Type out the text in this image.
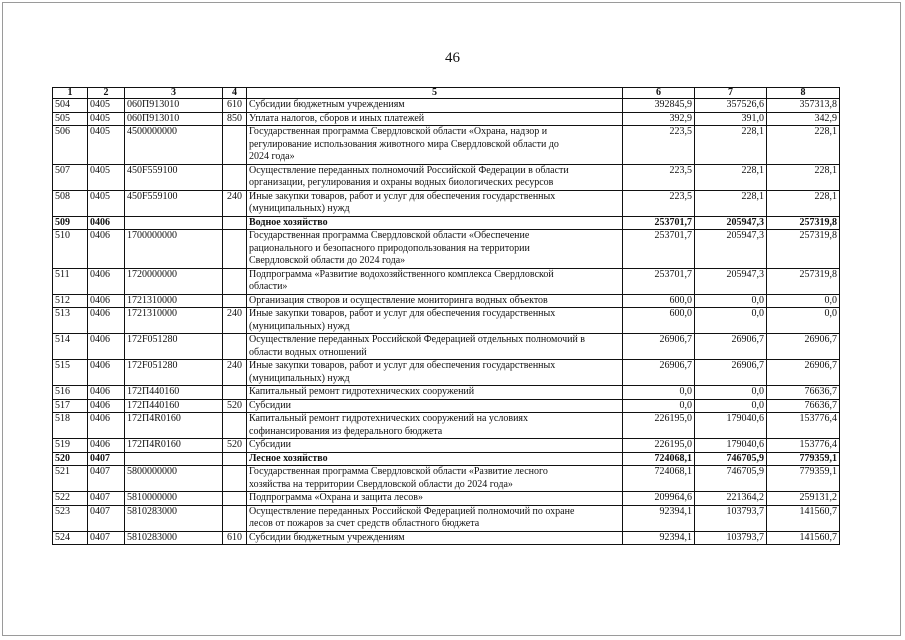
46
1	2	3	4	5	6	7	8
504	0405	060П913010	610	Субсидии бюджетным учреждениям	392845,9	357526,6	357313,8
505	0405	060П913010	850	Уплата налогов, сборов и иных платежей	392,9	391,0	342,9
506	0405	4500000000		Государственная программа Свердловской области «Охрана, надзор и
регулирование использования животного мира Свердловской области до
2024 года»	223,5	228,1	228,1
507	0405	450F559100		Осуществление переданных полномочий Российской Федерации в области
организации, регулирования и охраны водных биологических ресурсов	223,5	228,1	228,1
508	0405	450F559100	240	Иные закупки товаров, работ и услуг для обеспечения государственных
(муниципальных) нужд	223,5	228,1	228,1
509	0406			Водное хозяйство	253701,7	205947,3	257319,8
510	0406	1700000000		Государственная программа Свердловской области «Обеспечение
рационального и безопасного природопользования на территории
Свердловской области до 2024 года»	253701,7	205947,3	257319,8
511	0406	1720000000		Подпрограмма «Развитие водохозяйственного комплекса Свердловской
области»	253701,7	205947,3	257319,8
512	0406	1721310000		Организация створов и осуществление мониторинга водных объектов	600,0	0,0	0,0
513	0406	1721310000	240	Иные закупки товаров, работ и услуг для обеспечения государственных
(муниципальных) нужд	600,0	0,0	0,0
514	0406	172F051280		Осуществление переданных Российской Федерацией отдельных полномочий в
области водных отношений	26906,7	26906,7	26906,7
515	0406	172F051280	240	Иные закупки товаров, работ и услуг для обеспечения государственных
(муниципальных) нужд	26906,7	26906,7	26906,7
516	0406	172П440160		Капитальный ремонт гидротехнических сооружений	0,0	0,0	76636,7
517	0406	172П440160	520	Субсидии	0,0	0,0	76636,7
518	0406	172П4R0160		Капитальный ремонт гидротехнических сооружений на условиях
софинансирования из федерального бюджета	226195,0	179040,6	153776,4
519	0406	172П4R0160	520	Субсидии	226195,0	179040,6	153776,4
520	0407			Лесное хозяйство	724068,1	746705,9	779359,1
521	0407	5800000000		Государственная программа Свердловской области «Развитие лесного
хозяйства на территории Свердловской области до 2024 года»	724068,1	746705,9	779359,1
522	0407	5810000000		Подпрограмма «Охрана и защита лесов»	209964,6	221364,2	259131,2
523	0407	5810283000		Осуществление переданных Российской Федерацией полномочий по охране
лесов от пожаров за счет средств областного бюджета	92394,1	103793,7	141560,7
524	0407	5810283000	610	Субсидии бюджетным учреждениям	92394,1	103793,7	141560,7
